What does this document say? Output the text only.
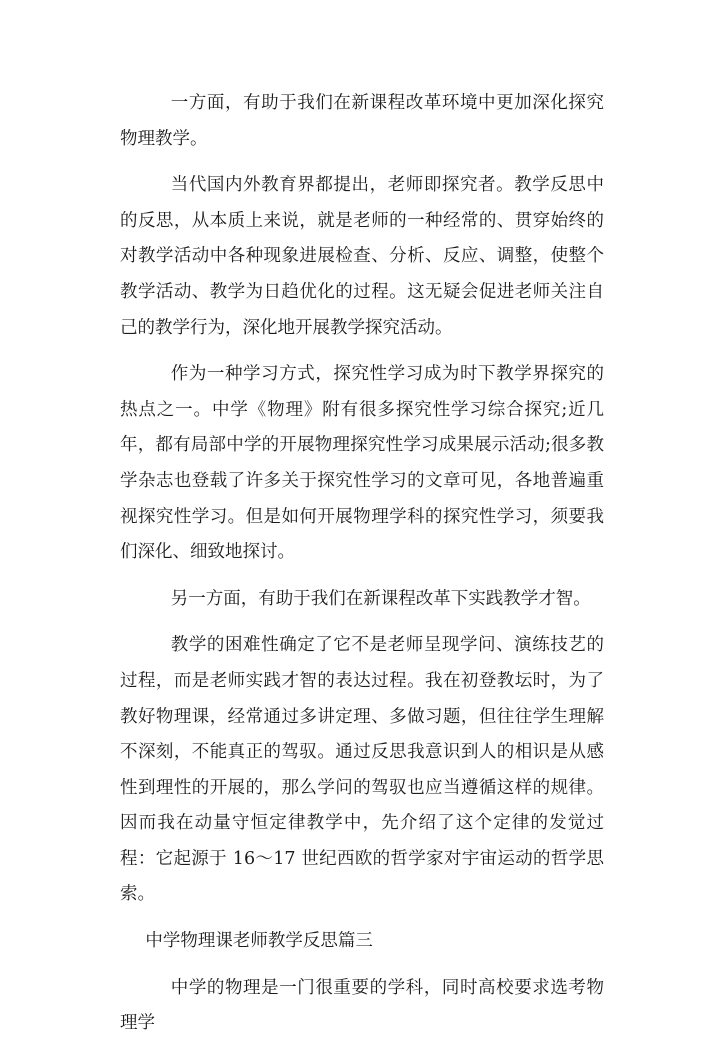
一方面，有助于我们在新课程改革环境中更加深化探究物理教学。

当代国内外教育界都提出，老师即探究者。教学反思中的反思，从本质上来说，就是老师的一种经常的、贯穿始终的对教学活动中各种现象进展检查、分析、反应、调整，使整个教学活动、教学为日趋优化的过程。这无疑会促进老师关注自己的教学行为，深化地开展教学探究活动。

作为一种学习方式，探究性学习成为时下教学界探究的热点之一。中学《物理》附有很多探究性学习综合探究;近几年，都有局部中学的开展物理探究性学习成果展示活动;很多教学杂志也登载了许多关于探究性学习的文章可见，各地普遍重视探究性学习。但是如何开展物理学科的探究性学习，须要我们深化、细致地探讨。

另一方面，有助于我们在新课程改革下实践教学才智。

教学的困难性确定了它不是老师呈现学问、演练技艺的过程，而是老师实践才智的表达过程。我在初登教坛时，为了教好物理课，经常通过多讲定理、多做习题，但往往学生理解不深刻，不能真正的驾驭。通过反思我意识到人的相识是从感性到理性的开展的，那么学问的驾驭也应当遵循这样的规律。因而我在动量守恒定律教学中，先介绍了这个定律的发觉过程：它起源于 16～17 世纪西欧的哲学家对宇宙运动的哲学思索。

中学物理课老师教学反思篇三

中学的物理是一门很重要的学科，同时高校要求选考物理学
